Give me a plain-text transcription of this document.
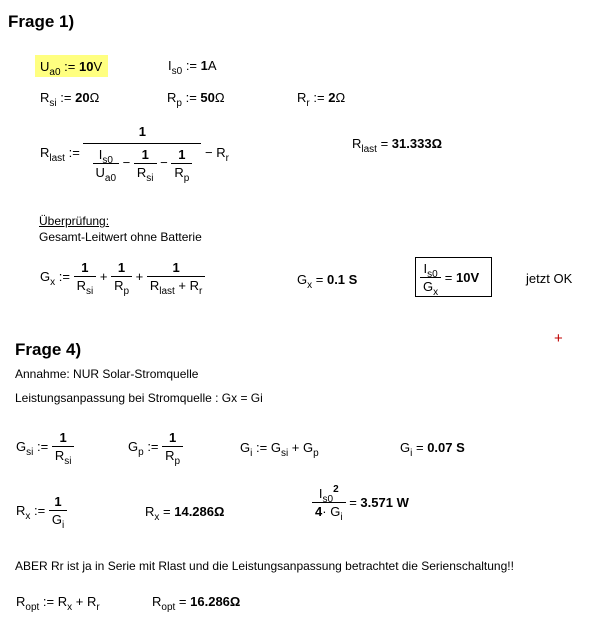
Frage 1)
$U_{a0}$ := 10V	$I_{s0}$ := 1A
$R_{si}$ := 20Ω	$R_p$ := 50Ω	$R_r$ := 2Ω
$R_{last}$ :=
1
$\frac{I_{s0}}{U_{a0}} - \frac{1}{R_{si}} - \frac{1}{R_p} - R_r$
$R_{last} = 31.333\Omega$
Überprüfung:
Gesamt-Leitwert ohne Batterie
$G_x$ := $\frac{1}{R_{si}} + \frac{1}{R_p} + \frac{1}{R_{last} + R_r}$	$G_x = 0.1$ S	$\frac{I_{s0}}{G_x} = 10V$	jetzt OK
+
Frage 4)
Annahme: NUR Solar-Stromquelle
Leistungsanpassung bei Stromquelle : Gx = Gi
$G_{si}$ := $\frac{1}{R_{si}}$	$G_p$ := $\frac{1}{R_p}$	$G_i$ := $G_{si} + G_p$	$G_i = 0.07$ S
$R_x$ := $\frac{1}{G_i}$	$R_x = 14.286\Omega$	$\frac{I_{s0}^2}{4\cdot G_i} = 3.571$ W
ABER Rr ist ja in Serie mit Rlast und die Leistungsanpassung betrachtet die Serienschaltung!!
$R_{opt}$ := $R_x + R_r$	$R_{opt} = 16.286\Omega$
